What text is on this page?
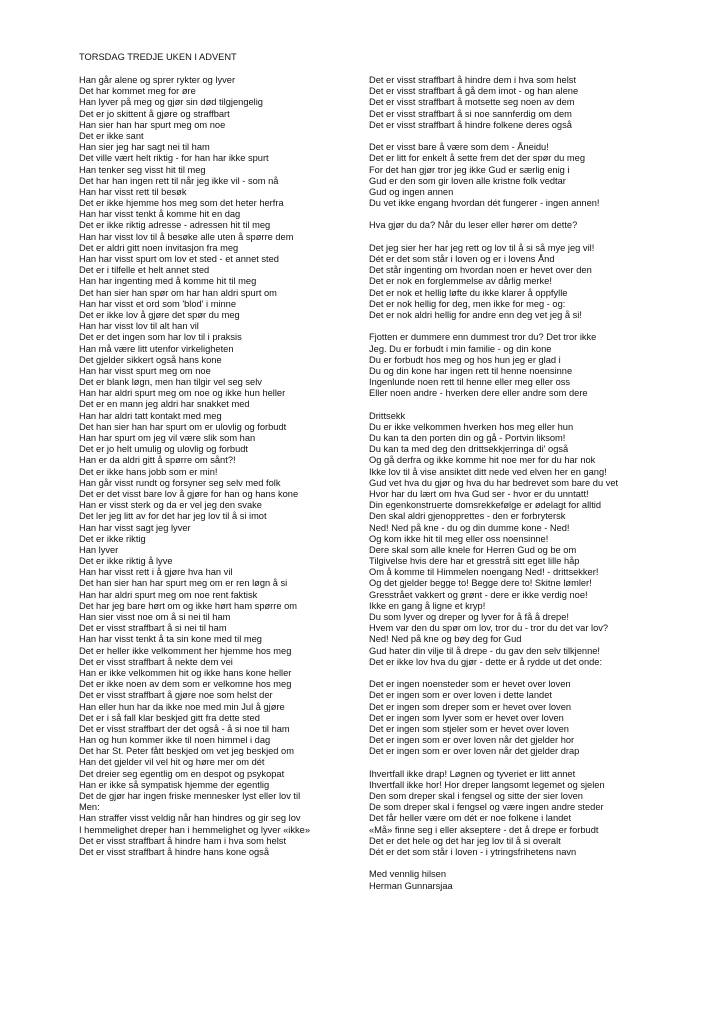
TORSDAG TREDJE UKEN I ADVENT
Han går alene og sprer rykter og lyver
Det har kommet meg for øre
Han lyver på meg og gjør sin død tilgjengelig
Det er jo skittent å gjøre og straffbart
Han sier han har spurt meg om noe
Det er ikke sant
Han sier jeg har sagt nei til ham
Det ville vært helt riktig - for han har ikke spurt
Han tenker seg visst hit til meg
Det har han ingen rett til når jeg ikke vil - som nå
Han har visst rett til besøk
Det er ikke hjemme hos meg som det heter herfra
Han har visst tenkt å komme hit en dag
Det er ikke riktig adresse - adressen hit til meg
Han har visst lov til å besøke alle uten å spørre dem
Det er aldri gitt noen invitasjon fra meg
Han har visst spurt om lov et sted - et annet sted
Det er i tilfelle et helt annet sted
Han har ingenting med å komme hit til meg
Det han sier han spør om har han aldri spurt om
Han har visst et ord som 'blod' i minne
Det er ikke lov å gjøre det spør du meg
Han har visst lov til alt han vil
Det er det ingen som har lov til i praksis
Han må være litt utenfor virkeligheten
Det gjelder sikkert også hans kone
Han har visst spurt meg om noe
Det er blank løgn, men han tilgir vel seg selv
Han har aldri spurt meg om noe og ikke hun heller
Det er en mann jeg aldri har snakket med
Han har aldri tatt kontakt med meg
Det han sier han har spurt om er ulovlig og forbudt
Han har spurt om jeg vil være slik som han
Det er jo helt umulig og ulovlig og forbudt
Han er da aldri gitt å spørre om sånt?!
Det er ikke hans jobb som er min!
Han går visst rundt og forsyner seg selv med folk
Det er det visst bare lov å gjøre for han og hans kone
Han er visst sterk og da er vel jeg den svake
Det ler jeg litt av for det har jeg lov til å si imot
Han har visst sagt jeg lyver
Det er ikke riktig
Han lyver
Det er ikke riktig å lyve
Han har visst rett i å gjøre hva han vil
Det han sier han har spurt meg om er ren løgn å si
Han har aldri spurt meg om noe rent faktisk
Det har jeg bare hørt om og ikke hørt ham spørre om
Han sier visst noe om å si nei til ham
Det er visst straffbart å si nei til ham
Han har visst tenkt å ta sin kone med til meg
Det er heller ikke velkomment her hjemme hos meg
Det er visst straffbart å nekte dem vei
Han er ikke velkommen hit og ikke hans kone heller
Det er ikke noen av dem som er velkomne hos meg
Det er visst straffbart å gjøre noe som helst der
Han eller hun har da ikke noe med min Jul å gjøre
Det er i så fall klar beskjed gitt fra dette sted
Det er visst straffbart der det også - å si noe til ham
Han og hun kommer ikke til noen himmel i dag
Det har St. Peter fått beskjed om vet jeg beskjed om
Han det gjelder vil vel hit og høre mer om dét
Det dreier seg egentlig om en despot og psykopat
Han er ikke så sympatisk hjemme der egentlig
Det de gjør har ingen friske mennesker lyst eller lov til
Men:
Han straffer visst veldig når han hindres og gir seg lov
I hemmelighet dreper han i hemmelighet og lyver «ikke»
Det er visst straffbart å hindre ham i hva som helst
Det er visst straffbart å hindre hans kone også
Det er visst straffbart å hindre dem i hva som helst
Det er visst straffbart å gå dem imot - og han alene
Det er visst straffbart å motsette seg noen av dem
Det er visst straffbart å si noe sannferdig om dem
Det er visst straffbart å hindre folkene deres også
Det er visst bare å være som dem - Åneidu!
Det er litt for enkelt å sette frem det der spør du meg
For det han gjør tror jeg ikke Gud er særlig enig i
Gud er den som gir loven alle kristne folk vedtar
Gud og ingen annen
Du vet ikke engang hvordan dét fungerer - ingen annen!
Hva gjør du da? Når du leser eller hører om dette?
Det jeg sier her har jeg rett og lov til å si så mye jeg vil!
Dét er det som står i loven og er i lovens Ånd
Det står ingenting om hvordan noen er hevet over den
Det er nok en forglemmelse av dårlig merke!
Det er nok et hellig løfte du ikke klarer å oppfylle
Det er nok hellig for deg, men ikke for meg - og:
Det er nok aldri hellig for andre enn deg vet jeg å si!
Fjotten er dummere enn dummest tror du? Det tror ikke
Jeg. Du er forbudt i min familie - og din kone
Du er forbudt hos meg og hos hun jeg er glad i
Du og din kone har ingen rett til henne noensinne
Ingenlunde noen rett til henne eller meg eller oss
Eller noen andre - hverken dere eller andre som dere
Drittsekk
Du er ikke velkommen hverken hos meg eller hun
Du kan ta den porten din og gå - Portvin liksom!
Du kan ta med deg den drittsekkjerringa di' også
Og gå derfra og ikke komme hit noe mer for du har nok
Ikke lov til å vise ansiktet ditt nede ved elven her en gang!
Gud vet hva du gjør og hva du har bedrevet som bare du vet
Hvor har du lært om hva Gud ser - hvor er du unntatt!
Din egenkonstruerte domsrekkefølge er ødelagt for alltid
Den skal aldri gjenopprettes - den er forbrytersk
Ned! Ned på kne - du og din dumme kone - Ned!
Og kom ikke hit til meg eller oss noensinne!
Dere skal som alle knele for Herren Gud og be om
Tilgivelse hvis dere har et gresstrå sitt eget lille håp
Om å komme til Himmelen noengang Ned! - drittsekker!
Og det gjelder begge to! Begge dere to! Skitne lømler!
Gresstrået vakkert og grønt - dere er ikke verdig noe!
Ikke en gang å ligne et kryp!
Du som lyver og dreper og lyver for å få å drepe!
Hvem var den du spør om lov, tror du - tror du det var lov?
Ned! Ned på kne og bøy deg for Gud
Gud hater din vilje til å drepe - du gav den selv tilkjenne!
Det er ikke lov hva du gjør - dette er å rydde ut det onde:
Det er ingen noensteder som er hevet over loven
Det er ingen som er over loven i dette landet
Det er ingen som dreper som er hevet over loven
Det er ingen som lyver som er hevet over loven
Det er ingen som stjeler som er hevet over loven
Det er ingen som er over loven når det gjelder hor
Det er ingen som er over loven når det gjelder drap
Ihvertfall ikke drap! Løgnen og tyveriet er litt annet
Ihvertfall ikke hor! Hor dreper langsomt legemet og sjelen
Den som dreper skal i fengsel og sitte der sier loven
De som dreper skal i fengsel og være ingen andre steder
Det får heller være om dét er noe folkene i landet
«Må» finne seg i eller akseptere - det å drepe er forbudt
Det er det hele og det har jeg lov til å si overalt
Dét er det som står i loven - i ytringsfrihetens navn
Med vennlig hilsen
Herman Gunnarsjaa
